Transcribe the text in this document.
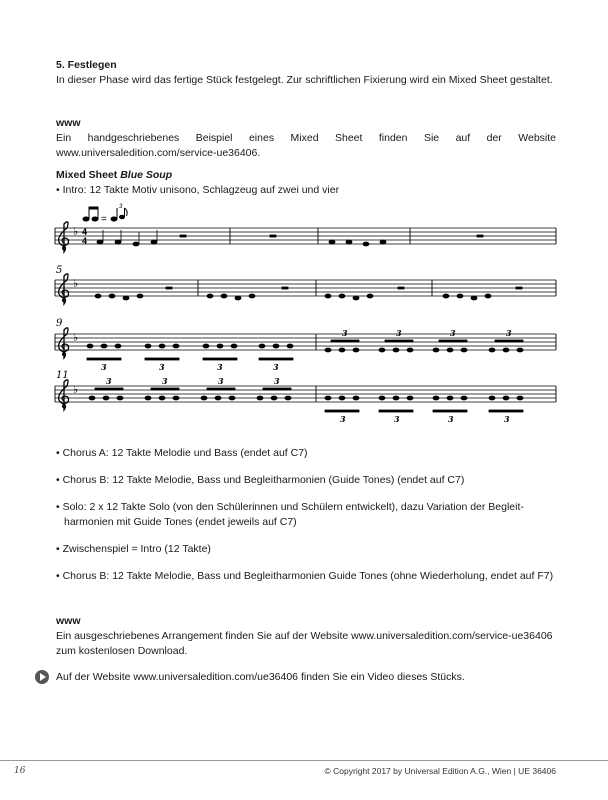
5. Festlegen
In dieser Phase wird das fertige Stück festgelegt. Zur schriftlichen Fixierung wird ein Mixed Sheet gestaltet.
www
Ein handgeschriebenes Beispiel eines Mixed Sheet finden Sie auf der Website www.universaledition.com/service-ue36406.
Mixed Sheet Blue Soup
• Intro: 12 Takte Motiv unisono, Schlagzeug auf zwei und vier
=
3
♭
♭
♭
♭
4
4
5
9
11
3	3	3	3
3	3	3	3
3	3	3	3
3	3	3	3
• Chorus A: 12 Takte Melodie und Bass (endet auf C7)
• Chorus B: 12 Takte Melodie, Bass und Begleitharmonien (Guide Tones) (endet auf C7)
• Solo: 2 x 12 Takte Solo (von den Schülerinnen und Schülern entwickelt), dazu Variation der Begleit-
harmonien mit Guide Tones (endet jeweils auf C7)
• Zwischenspiel = Intro (12 Takte)
• Chorus B: 12 Takte Melodie, Bass und Begleitharmonien Guide Tones (ohne Wiederholung, endet auf F7)
www
Ein ausgeschriebenes Arrangement finden Sie auf der Website www.universaledition.com/service-ue36406
zum kostenlosen Download.
Auf der Website www.universaledition.com/ue36406 finden Sie ein Video dieses Stücks.
16	© Copyright 2017 by Universal Edition A.G., Wien | UE 36406
